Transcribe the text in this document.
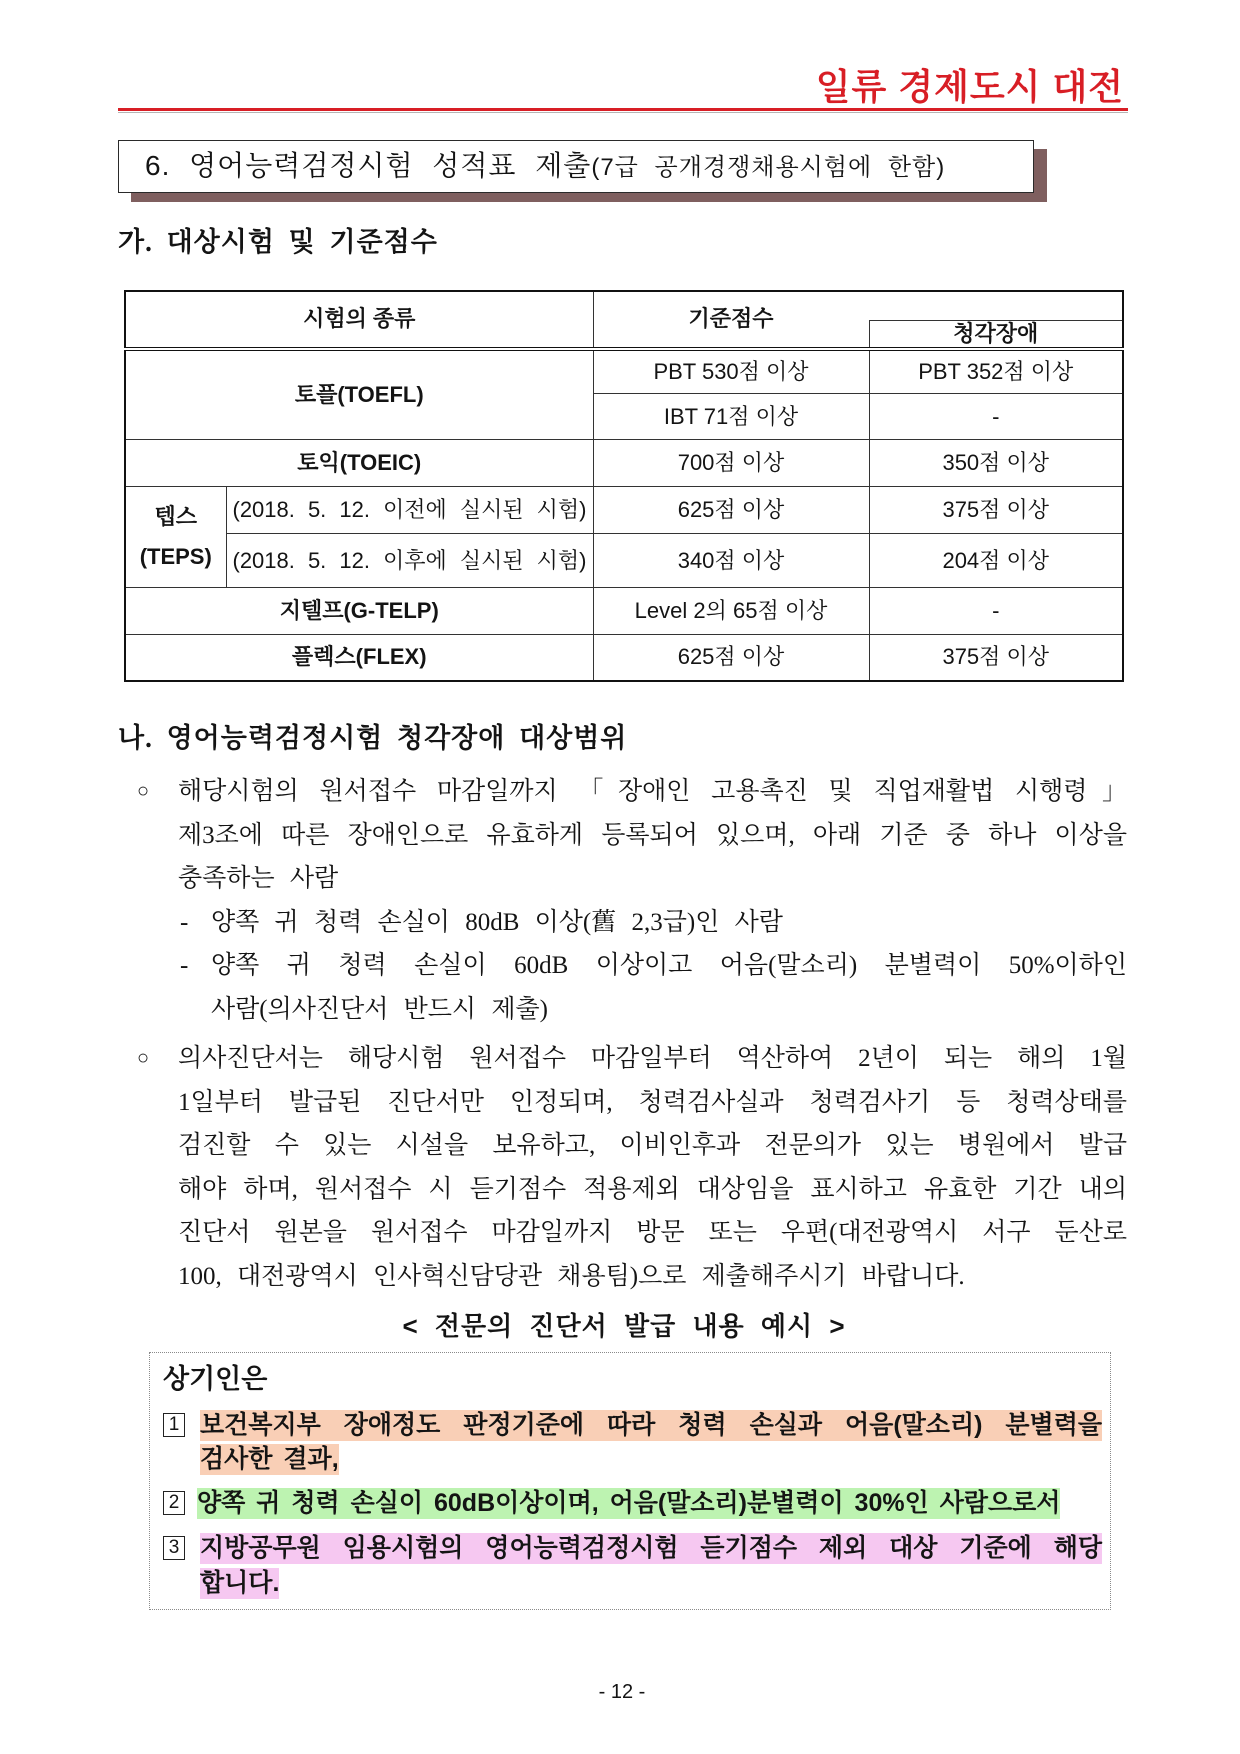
일류 경제도시 대전
6. 영어능력검정시험 성적표 제출(7급 공개경쟁채용시험에 한함)
가. 대상시험 및 기준점수
시험의 종류		기준점수	
			청각장애
토플(TOEFL)		PBT 530점 이상	PBT 352점 이상
		IBT 71점 이상	-
토익(TOEIC)		700점 이상	350점 이상

텝스
(TEPS)	(2018. 5. 12. 이전에 실시된 시험)	625점 이상	375점 이상
	(2018. 5. 12. 이후에 실시된 시험)	340점 이상	204점 이상
지텔프(G-TELP)		Level 2의 65점 이상	-
플렉스(FLEX)		625점 이상	375점 이상
나. 영어능력검정시험 청각장애 대상범위
○ 해당시험의 원서접수 마감일까지 「장애인 고용촉진 및 직업재활법 시행령」
제3조에 따른 장애인으로 유효하게 등록되어 있으며, 아래 기준 중 하나 이상을
충족하는 사람
- 양쪽 귀 청력 손실이 80dB 이상(舊 2,3급)인 사람
- 양쪽 귀 청력 손실이 60dB 이상이고 어음(말소리) 분별력이 50%이하인
사람(의사진단서 반드시 제출)
○ 의사진단서는 해당시험 원서접수 마감일부터 역산하여 2년이 되는 해의 1월
1일부터 발급된 진단서만 인정되며, 청력검사실과 청력검사기 등 청력상태를
검진할 수 있는 시설을 보유하고, 이비인후과 전문의가 있는 병원에서 발급
해야 하며, 원서접수 시 듣기점수 적용제외 대상임을 표시하고 유효한 기간 내의
진단서 원본을 원서접수 마감일까지 방문 또는 우편(대전광역시 서구 둔산로
100, 대전광역시 인사혁신담당관 채용팀)으로 제출해주시기 바랍니다.
< 전문의 진단서 발급 내용 예시 >
상기인은
1 보건복지부 장애정도 판정기준에 따라 청력 손실과 어음(말소리) 분별력을
검사한 결과,
2 양쪽 귀 청력 손실이 60dB이상이며, 어음(말소리)분별력이 30%인 사람으로서
3 지방공무원 임용시험의 영어능력검정시험 듣기점수 제외 대상 기준에 해당
합니다.
- 12 -
